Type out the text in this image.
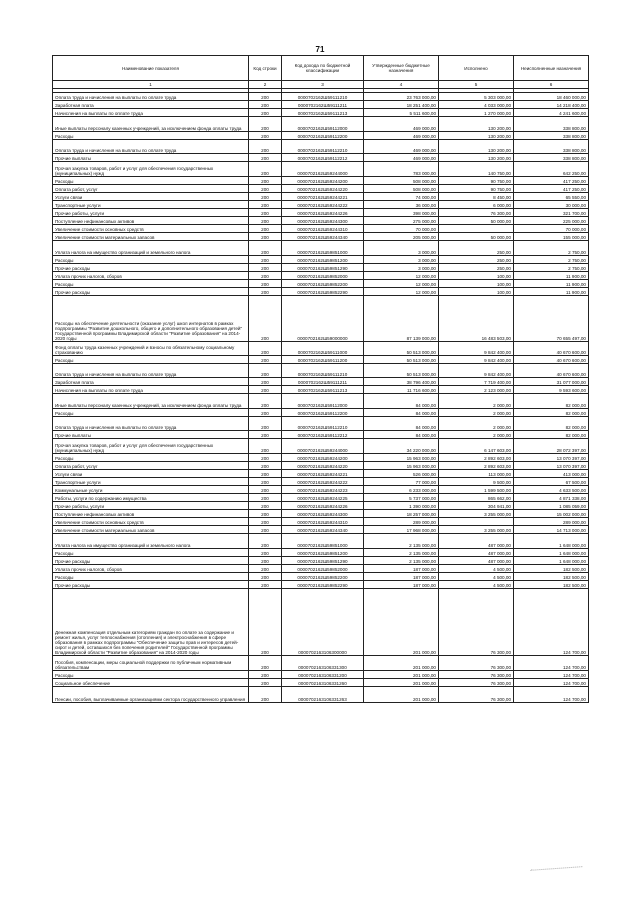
71
Наименование показателя	Код строки	Код дохода по бюджетной классификации	Утвержденные бюджетные назначения	Исполнено	Неисполненные назначения
1	2	3	4	5	6

Оплата труда и начисления на выплаты по оплате труда	200	0000702162Ш59111210	23 763 000,00	5 303 000,00	18 460 000,00
Заработная плата	200	0000702162Ш59111211	18 251 400,00	4 033 000,00	14 218 400,00
Начисления на выплаты по оплате труда	200	0000702162Ш59111213	5 511 600,00	1 270 000,00	4 241 600,00
Иные выплаты персоналу казенных учреждений, за исключением фонда оплаты труда	200	0000702162Ш59112000	469 000,00	130 200,00	338 800,00
Расходы	200	0000702162Ш59112200	469 000,00	130 200,00	338 800,00
Оплата труда и начисления на выплаты по оплате труда	200	0000702162Ш59112210	469 000,00	130 200,00	338 800,00
Прочие выплаты	200	0000702162Ш59112212	469 000,00	130 200,00	338 800,00
Прочая закупка товаров, работ и услуг для обеспечения государственных (муниципальных) нужд	200	0000702162Ш59244000	783 000,00	140 750,00	642 250,00
Расходы	200	0000702162Ш59244200	508 000,00	90 750,00	417 250,00
Оплата работ, услуг	200	0000702162Ш59244220	508 000,00	90 750,00	417 250,00
Услуги связи	200	0000702162Ш59244221	74 000,00	8 450,00	65 550,00
Транспортные услуги	200	0000702162Ш59244222	36 000,00	6 000,00	30 000,00
Прочие работы, услуги	200	0000702162Ш59244226	398 000,00	76 300,00	321 700,00
Поступление нефинансовых активов	200	0000702162Ш59244300	275 000,00	50 000,00	225 000,00
Увеличение стоимости основных средств	200	0000702162Ш59244310	70 000,00		70 000,00
Увеличение стоимости материальных запасов	200	0000702162Ш59244340	205 000,00	50 000,00	155 000,00
Уплата налога на имущество организаций и земельного налога	200	0000702162Ш59851000	3 000,00	250,00	2 750,00
Расходы	200	0000702162Ш59851200	3 000,00	250,00	2 750,00
Прочие расходы	200	0000702162Ш59851290	3 000,00	250,00	2 750,00
Уплата прочих налогов, сборов	200	0000702162Ш59852000	12 000,00	100,00	11 900,00
Расходы	200	0000702162Ш59852200	12 000,00	100,00	11 900,00
Прочие расходы	200	0000702162Ш59852290	12 000,00	100,00	11 900,00
Расходы на обеспечение деятельности (оказание услуг) школ интернатов в рамках подпрограммы "Развитие дошкольного, общего и дополнительного образования детей" Государственной программы Владимирской области "Развитие образования" на 2014-2020 годы	200	0000702162Ш59000000	87 139 000,00	16 483 503,00	70 655 497,00
Фонд оплаты труда казенных учреждений и взносы по обязательному социальному страхованию	200	0000702162Ш59111000	50 513 000,00	9 842 400,00	40 670 600,00
Расходы	200	0000702162Ш59111200	50 513 000,00	9 842 400,00	40 670 600,00
Оплата труда и начисления на выплаты по оплате труда	200	0000702162Ш59111210	50 513 000,00	9 842 400,00	40 670 600,00
Заработная плата	200	0000702162Ш59111211	38 796 400,00	7 719 400,00	31 077 000,00
Начисления на выплаты по оплате труда	200	0000702162Ш59111213	11 716 600,00	2 123 000,00	9 593 600,00
Иные выплаты персоналу казенных учреждений, за исключением фонда оплаты труда	200	0000702162Ш59112000	84 000,00	2 000,00	82 000,00
Расходы	200	0000702162Ш59112200	84 000,00	2 000,00	82 000,00
Оплата труда и начисления на выплаты по оплате труда	200	0000702162Ш59112210	84 000,00	2 000,00	82 000,00
Прочие выплаты	200	0000702162Ш59112212	84 000,00	2 000,00	82 000,00
Прочая закупка товаров, работ и услуг для обеспечения государственных (муниципальных) нужд	200	0000702162Ш59244000	34 220 000,00	6 147 603,00	28 072 397,00
Расходы	200	0000702162Ш59244200	15 963 000,00	2 892 603,00	13 070 397,00
Оплата работ, услуг	200	0000702162Ш59244220	15 963 000,00	2 892 603,00	13 070 397,00
Услуги связи	200	0000702162Ш59244221	526 000,00	113 000,00	413 000,00
Транспортные услуги	200	0000702162Ш59244222	77 000,00	9 500,00	67 500,00
Коммунальные услуги	200	0000702162Ш59244223	6 233 000,00	1 599 500,00	4 633 500,00
Работы, услуги по содержанию имущества	200	0000702162Ш59244225	5 737 000,00	865 662,00	4 871 338,00
Прочие работы, услуги	200	0000702162Ш59244226	1 390 000,00	304 941,00	1 085 059,00
Поступление нефинансовых активов	200	0000702162Ш59244300	18 257 000,00	3 255 000,00	15 002 000,00
Увеличение стоимости основных средств	200	0000702162Ш59244310	289 000,00		289 000,00
Увеличение стоимости материальных запасов	200	0000702162Ш59244340	17 968 000,00	3 255 000,00	14 713 000,00
Уплата налога на имущество организаций и земельного налога	200	0000702162Ш59851000	2 135 000,00	487 000,00	1 648 000,00
Расходы	200	0000702162Ш59851200	2 135 000,00	487 000,00	1 648 000,00
Прочие расходы	200	0000702162Ш59851290	2 135 000,00	487 000,00	1 648 000,00
Уплата прочих налогов, сборов	200	0000702162Ш59852000	187 000,00	4 500,00	182 500,00
Расходы	200	0000702162Ш59852200	187 000,00	4 500,00	182 500,00
Прочие расходы	200	0000702162Ш59852290	187 000,00	4 500,00	182 500,00
Денежная компенсация отдельным категориям граждан по оплате за содержание и ремонт жилья, услуг теплоснабжения (отопления) и электроснабжения в сфере образования в рамках подпрограммы "Обеспечение защиты прав и интересов детей-сирот и детей, оставшихся без попечения родителей" Государственной программы Владимирской области "Развитие образования" на 2014-2020 годы	200	0000702163106300000	201 000,00	76 300,00	124 700,00
Пособия, компенсации, меры социальной поддержки по публичным нормативным обязательствам	200	0000702163106331300	201 000,00	76 300,00	124 700,00
Расходы	200	0000702163106331200	201 000,00	76 300,00	124 700,00
Социальное обеспечение	200	0000702163106331260	201 000,00	76 300,00	124 700,00
Пенсии, пособия, выплачиваемые организациями сектора государственного управления	200	0000702163106331263	201 000,00	76 300,00	124 700,00
